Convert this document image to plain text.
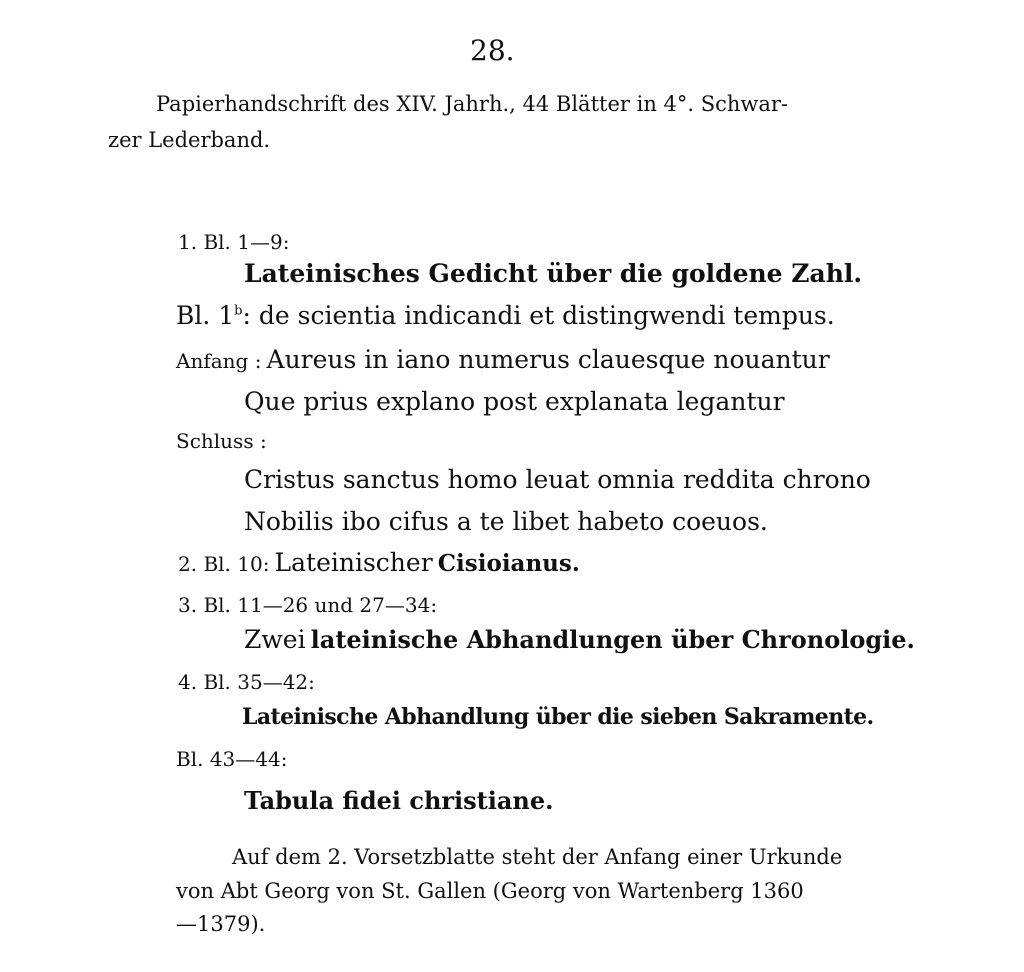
28.
Papierhandschrift des XIV. Jahrh., 44 Blätter in 4°. Schwar-
zer Lederband.
1. Bl. 1—9:
Lateinisches Gedicht über die goldene Zahl.
Bl. 1$^b$: de scientia indicandi et distingwendi tempus.
Anfang : Aureus in iano numerus clauesque nouantur
Que prius explano post explanata legantur
Schluss :
Cristus sanctus homo leuat omnia reddita chrono
Nobilis ibo cifus a te libet habeto coeuos.
2. Bl. 10: Lateinischer Cisioianus.
3. Bl. 11—26 und 27—34:
Zwei lateinische Abhandlungen über Chronologie.
4. Bl. 35—42:
Lateinische Abhandlung über die sieben Sakramente.
Bl. 43—44:
Tabula fidei christiane.
Auf dem 2. Vorsetzblatte steht der Anfang einer Urkunde
von Abt Georg von St. Gallen (Georg von Wartenberg 1360
—1379).
